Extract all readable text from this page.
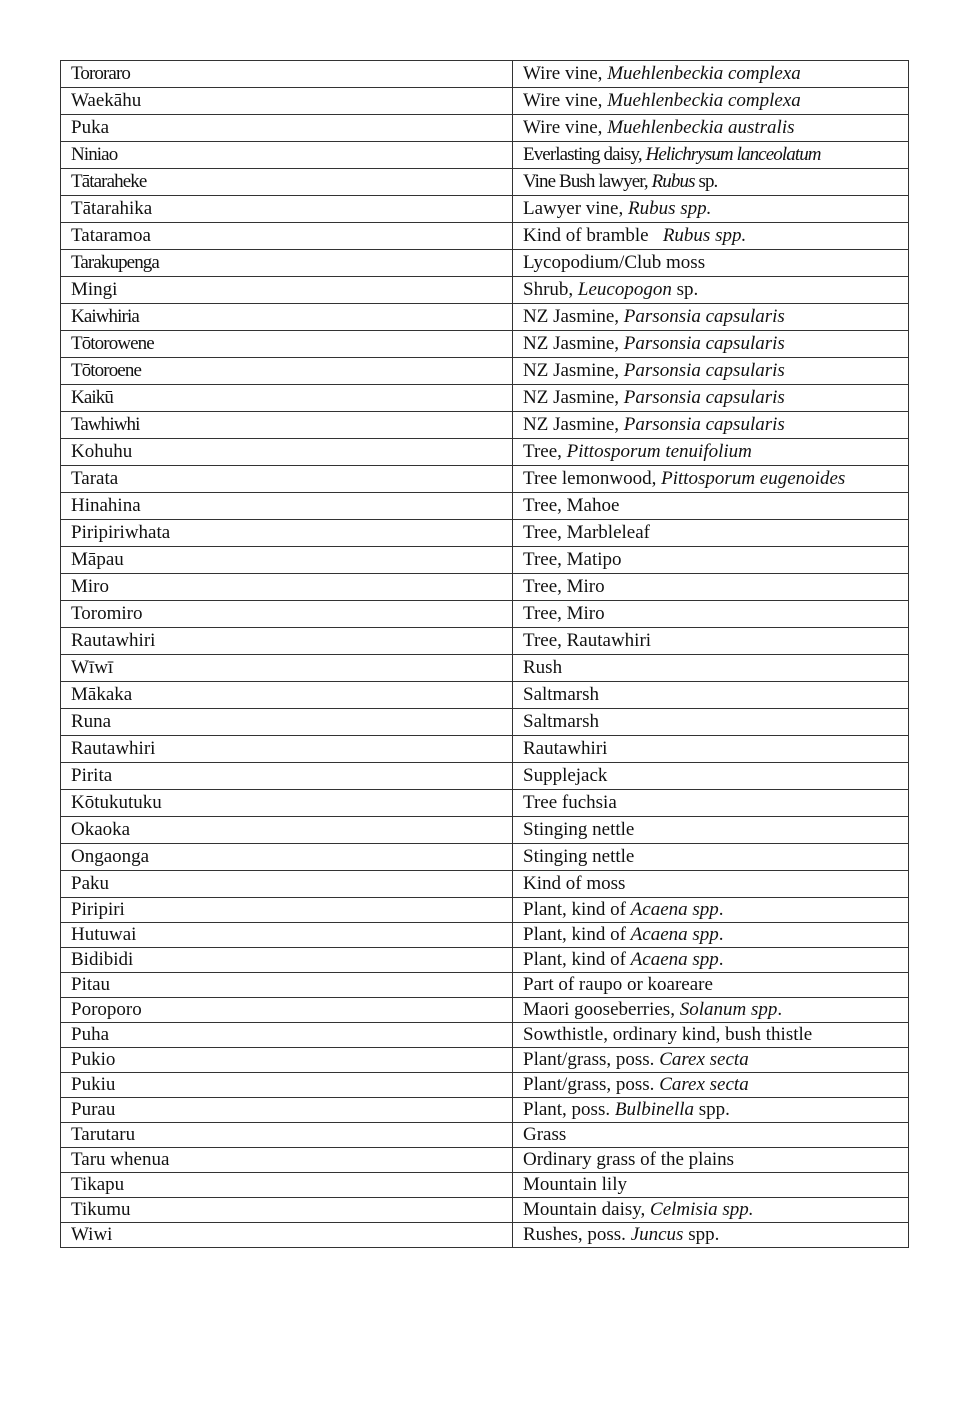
Tororaro	Wire vine, Muehlenbeckia complexa
Waekāhu	Wire vine, Muehlenbeckia complexa
Puka	Wire vine, Muehlenbeckia australis
Niniao	Everlasting daisy, Helichrysum lanceolatum
Tātaraheke	Vine Bush lawyer, Rubus sp.
Tātarahika	Lawyer vine, Rubus spp.
Tataramoa	Kind of bramble   Rubus spp.
Tarakupenga	Lycopodium/Club moss
Mingi	Shrub, Leucopogon sp.
Kaiwhiria	NZ Jasmine, Parsonsia capsularis
Tōtorowene	NZ Jasmine, Parsonsia capsularis
Tōtoroene	NZ Jasmine, Parsonsia capsularis
Kaikū	NZ Jasmine, Parsonsia capsularis
Tawhiwhi	NZ Jasmine, Parsonsia capsularis
Kohuhu	Tree, Pittosporum tenuifolium
Tarata	Tree lemonwood, Pittosporum eugenoides
Hinahina	Tree, Mahoe
Piripiriwhata	Tree, Marbleleaf
Māpau	Tree, Matipo
Miro	Tree, Miro
Toromiro	Tree, Miro
Rautawhiri	Tree, Rautawhiri
Wīwī	Rush
Mākaka	Saltmarsh
Runa	Saltmarsh
Rautawhiri	Rautawhiri
Pirita	Supplejack
Kōtukutuku	Tree fuchsia
Okaoka	Stinging nettle
Ongaonga	Stinging nettle
Paku	Kind of moss
Piripiri	Plant, kind of Acaena spp.
Hutuwai	Plant, kind of Acaena spp.
Bidibidi	Plant, kind of Acaena spp.
Pitau	Part of raupo or koareare
Poroporo	Maori gooseberries, Solanum spp.
Puha	Sowthistle, ordinary kind, bush thistle
Pukio	Plant/grass, poss. Carex secta
Pukiu	Plant/grass, poss. Carex secta
Purau	Plant, poss. Bulbinella spp.
Tarutaru	Grass
Taru whenua	Ordinary grass of the plains
Tikapu	Mountain lily
Tikumu	Mountain daisy, Celmisia spp.
Wiwi	Rushes, poss. Juncus spp.
